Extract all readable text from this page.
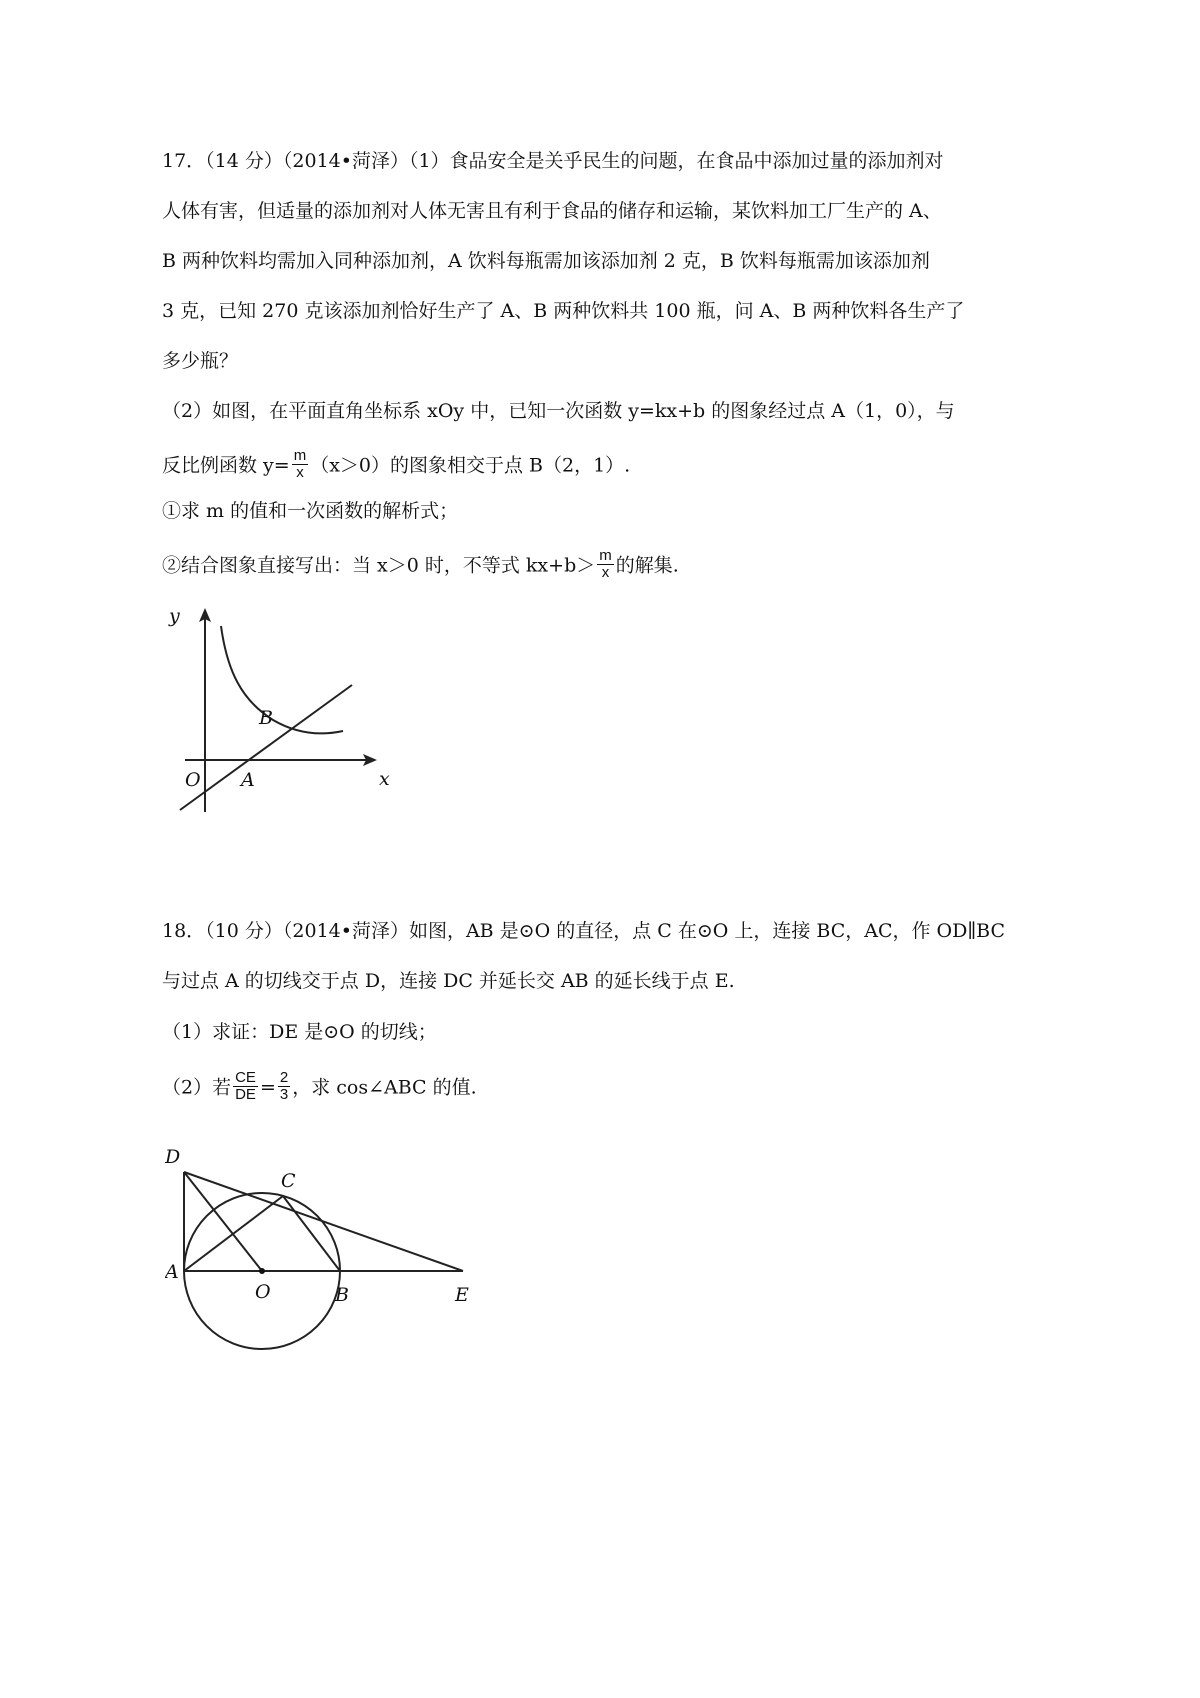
17．（14 分）（2014•菏泽）（1）食品安全是关乎民生的问题，在食品中添加过量的添加剂对
人体有害，但适量的添加剂对人体无害且有利于食品的储存和运输，某饮料加工厂生产的 A、
B 两种饮料均需加入同种添加剂，A 饮料每瓶需加该添加剂 2 克，B 饮料每瓶需加该添加剂
3 克，已知 270 克该添加剂恰好生产了 A、B 两种饮料共 100 瓶，问 A、B 两种饮料各生产了
多少瓶？
（2）如图，在平面直角坐标系 xOy 中，已知一次函数 y=kx+b 的图象经过点 A（1，0），与
反比例函数 $y= \frac{m}{x} (x>0)$的图象相交于点 B（2，1）.
①求 m 的值和一次函数的解析式；
②结合图象直接写出：当 x＞0 时，不等式 $kx+b> \frac{m}{x}$ 的解集.
y
x
O A
B
18．（10 分）（2014•菏泽）如图，AB 是⊙O 的直径，点 C 在⊙O 上，连接 BC，AC，作 OD∥BC
与过点 A 的切线交于点 D，连接 DC 并延长交 AB 的延长线于点 E.
（1）求证：DE 是⊙O 的切线；
（2）若 $\frac{CE}{DE} = \frac{2}{3}$ ，求 cos∠ABC 的值.
D
C
A
O	B	E
